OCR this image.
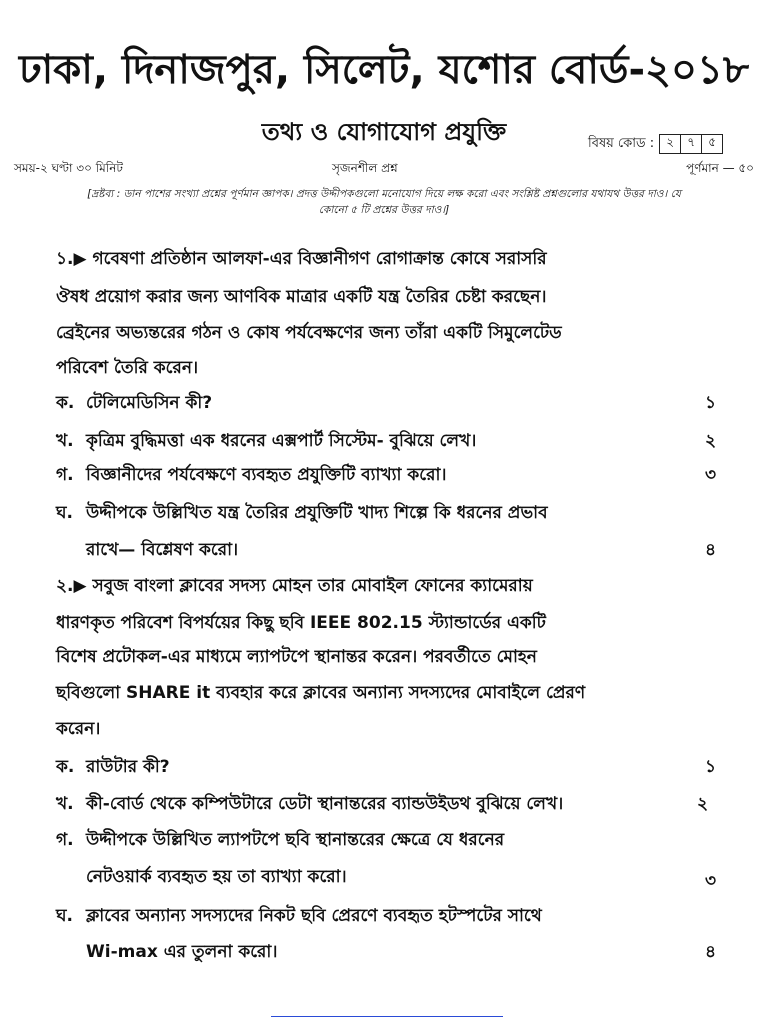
ঢাকা, দিনাজপুর, সিলেট, যশোর বোর্ড-২০১৮
তথ্য ও যোগাযোগ প্রযুক্তি	বিষয় কোড :	২	৭	৫
সময়-২ ঘণ্টা ৩০ মিনিট	সৃজনশীল প্রশ্ন	পূর্ণমান — ৫০
[দ্রষ্টব্য : ডান পাশের সংখ্যা প্রশ্নের পূর্ণমান জ্ঞাপক। প্রদত্ত উদ্দীপকগুলো মনোযোগ দিয়ে লক্ষ করো এবং সংশ্লিষ্ট প্রশ্নগুলোর যথাযথ উত্তর দাও। যে
কোনো ৫ টি প্রশ্নের উত্তর দাও।]
১.▶ গবেষণা প্রতিষ্ঠান আলফা-এর বিজ্ঞানীগণ রোগাক্রান্ত কোষে সরাসরি
ঔষধ প্রয়োগ করার জন্য আণবিক মাত্রার একটি যন্ত্র তৈরির চেষ্টা করছেন।
ব্রেইনের অভ্যন্তরের গঠন ও কোষ পর্যবেক্ষণের জন্য তাঁরা একটি সিমুলেটেড
পরিবেশ তৈরি করেন।
ক. টেলিমেডিসিন কী?	১
খ. কৃত্রিম বুদ্ধিমত্তা এক ধরনের এক্সপার্ট সিস্টেম- বুঝিয়ে লেখ।	২
গ. বিজ্ঞানীদের পর্যবেক্ষণে ব্যবহৃত প্রযুক্তিটি ব্যাখ্যা করো।	৩
ঘ. উদ্দীপকে উল্লিখিত যন্ত্র তৈরির প্রযুক্তিটি খাদ্য শিল্পে কি ধরনের প্রভাব
রাখে— বিশ্লেষণ করো।	৪
২.▶ সবুজ বাংলা ক্লাবের সদস্য মোহন তার মোবাইল ফোনের ক্যামেরায়
ধারণকৃত পরিবেশ বিপর্যয়ের কিছু ছবি IEEE 802.15 স্ট্যান্ডার্ডের একটি
বিশেষ প্রটোকল-এর মাধ্যমে ল্যাপটপে স্থানান্তর করেন। পরবর্তীতে মোহন
ছবিগুলো SHARE it ব্যবহার করে ক্লাবের অন্যান্য সদস্যদের মোবাইলে প্রেরণ
করেন।
ক. রাউটার কী?	১
খ. কী-বোর্ড থেকে কম্পিউটারে ডেটা স্থানান্তরের ব্যান্ডউইডথ বুঝিয়ে লেখ।	২
গ. উদ্দীপকে উল্লিখিত ল্যাপটপে ছবি স্থানান্তরের ক্ষেত্রে যে ধরনের
নেটওয়ার্ক ব্যবহৃত হয় তা ব্যাখ্যা করো।	৩
ঘ. ক্লাবের অন্যান্য সদস্যদের নিকট ছবি প্রেরণে ব্যবহৃত হটস্পটের সাথে
Wi-max এর তুলনা করো।	৪
